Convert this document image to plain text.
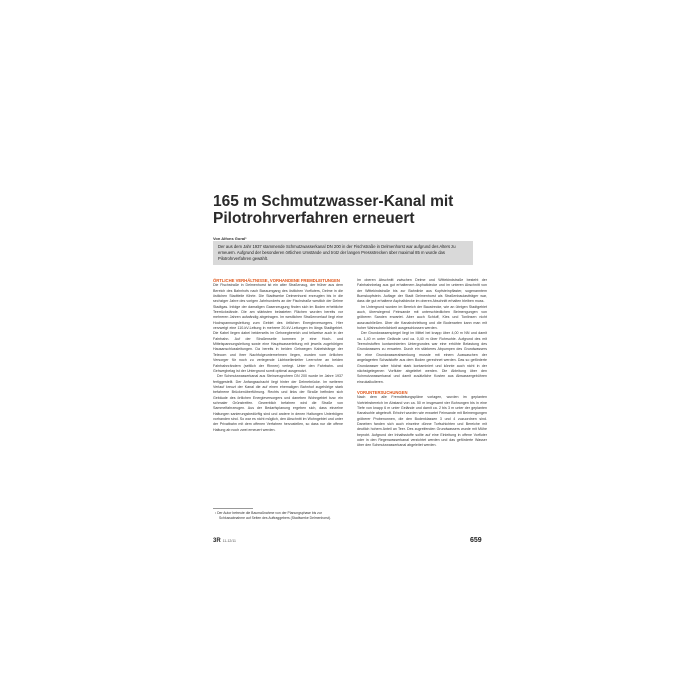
165 m Schmutzwasser-Kanal mit Pilotrohrverfahren erneuert
Von Alfons Goral¹
Der aus dem Jahr 1937 stammende Schmutzwasserkanal DN 200 in der Fischstraße in Delmenhorst war aufgrund des Alters zu erneuern. Aufgrund der besonderen örtlichen Umstände und trotz der langen Pressstrecken über maximal 85 m wurde das Pilotrohrverfahren gewählt.
ÖRTLICHE VERHÄLTNISSE, VORHANDENE FREMDLEITUNGEN

Die Fischstraße in Delmenhorst ist ein alter Straßenzug, der früher aus dem Bereich des Bahnhofs nach Bassumgang des östlichen Vorfluters, Delme in die östlichen Stadtteile führte. Die Stadtwerke Delmenhorst erzeugten bis in die sechziger Jahre des vorigen Jahrhunderts an der Fischstraße westlich der Delme Stadtgas. Infolge der damaligen Gaserzeugung finden sich im Boden erhebliche Teerrückstände. Die am stärksten belasteten Flächen wurden bereits vor mehreren Jahren aufwändig abgetragen. Im westlichen Straßenverlauf liegt eine Hochspannungsleitung zum Gebiet des örtlichen Energieversorgers. Hier verzweigt eine 110-kV-Leitung in mehrere 20-kV-Leitungen im längs Stadtgebiet. Die Kabel liegen dabei beiderseits im Gehwegbereich und teilweise auch in der Fahrbahn. Auf der Straßenseite kommen je eine Hoch- und Mittelspannungsleitung sowie eine Hauptwasserleitung mit jeweils zugehörigen Hausanschlussleitungen. Da bereits in beiden Gehwegen Kabelstränge der Telecom und ihrer Nachfolgeunternehmen liegen, wurden vom örtlichen Versorger für noch zu verlegende Lichtwellenleiter Leerrohre an beiden Fahrbahnrändern (seitlich der Rinnen) verlegt. Unter den Fahrbahn- und Gehwegbelag ist der Untergrund somit optimal ausgenutzt.

Der Schmutzwasserkanal aus Steinzeugrohren DN 200 wurde im Jahre 1937 fertiggestellt. Der Anfangsschacht liegt hinter der Delmebrücke. Im weiteren Verlauf kreuzt der Kanal die auf einen ehemaligen Bahnhof zugehörige stark befahrene Brückenüberführung. Rechts und links der Straße befinden sich Gebäude des örtlichen Energieversorgers und daneben Wohngebiet bzw. ein schmaler Grünstreifen. Gewerblich befahren wird die Straße von Sammelfahrzeugen. Aus der Bedarfsplanung ergeben sich, dass einzelne Haltungen sanierungsbedürftig sind und andere in denen Haltungen Unterbögen vorhanden sind. So war es nicht möglich, den Abschnitt im Wohngebiet und unter der Privatbahn mit dem offenen Verfahren herzustellen, so dass nur die offene Haltung ab noch zwei erneuert werden.

Im oberen Abschnitt zwischen Delme und Wittekindstraße besteht der Fahrbahnbelag aus gut erhaltenem Asphaltdecke und im unteren Abschnitt von der Wittekindstraße bis zur Bahnlinie aus Kopfsteinpflaster, sogenanntem Bumskopfstein. Auflage der Stadt Delmenhorst als Straßenbaulastträger war, dass die gut erhaltene Asphaltdecke im oberen Abschnitt erhalten bleiben muss.

Im Untergrund wurden im Bereich der Baustrecke, wie an übrigen Stadtgebiet auch, überwiegend Feinsande mit unterschiedlichen Beimengungen von gröberen Sanden erwartet. Aber auch Schluff, Kies und Tonlinsen nicht auszuschließen. Über die Kanalrohrleitung und die Bodenarten kann man mit hoher Wahrscheinlichkeit ausgeschlossen werden.

Der Grundwasserspiegel liegt im Mittel bei knapp über 4,00 m NN und damit ca. 1,40 m unter Gelände und ca. 0,40 m über Rohrsohle. Aufgrund des mit Teerrohstoffen kontaminierten Untergrundes war eine erhöhte Belastung des Grundwassers zu erwarten. Durch ein stärkeres Abpumpen des Grundwassers für eine Grundwasserabsenkung musste mit einem Auswaschen der angelagerten Schadstoffe aus dem Boden gerechnet werden. Das so geförderte Grundwasser wäre höchst stark kontaminiert und könnte auch nicht in der nächstgelegenen Vorfluter abgeleitet werden. Die Ableitung über den Schmutzwasserkanal und damit zusätzliche Kosten aus Abwassergebühren einzukalkulieren.

VORUNTERSUCHUNGEN

Nach dem alle Fremdleitungspläne vorlagen, wurden im geplanten Vortriebsbereich im Abstand von ca. 50 m insgesamt vier Bohrungen bis in eine Tiefe von knapp 6 m unter Gelände und damit ca. 2 bis 3 m unter der geplanten Kanalsohle abgeteuft. Erbohrt wurden wie erwartet Feinsande mit Beimengungen gröberer Probenonnen, die den Bodenklassen 3 und 4 zuzuordnen sind. Daneben fanden sich auch einzelne dünne Torfschichten und Bereiche mit deutlich hohem Anteil an Teer. Des zugreifenden Grundwassers wurde mit Mühe beprobt. Aufgrund der Inhaltsstoffe sollte auf eine Einleitung in offene Vorfluter oder in den Regenwasserkanal verzichtet werden und das geförderte Wasser über den Schmutzwasserkanal abgeleitet werden.

¹ Der Autor betreute die Baumaßnahme von der Planungsphase bis zur Schlussabnahme auf Seiten des Auftraggebers (Stadtwerke Delmenhorst).
3R 11-12/11	659
